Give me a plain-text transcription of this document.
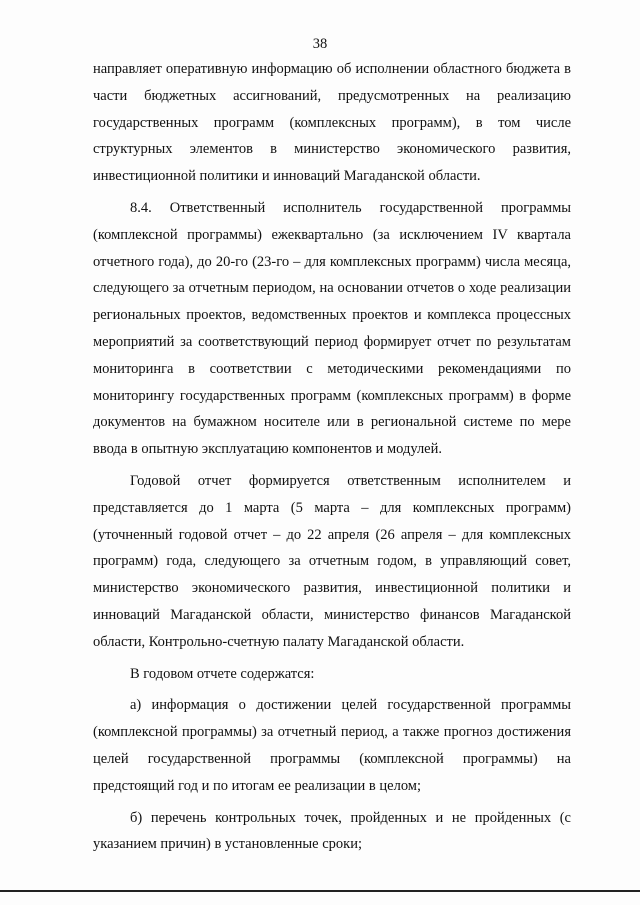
38

направляет оперативную информацию об исполнении областного бюджета в части бюджетных ассигнований, предусмотренных на реализацию государственных программ (комплексных программ), в том числе структурных элементов в министерство экономического развития, инвестиционной политики и инноваций Магаданской области.

8.4. Ответственный исполнитель государственной программы (комплексной программы) ежеквартально (за исключением IV квартала отчетного года), до 20-го (23-го – для комплексных программ) числа месяца, следующего за отчетным периодом, на основании отчетов о ходе реализации региональных проектов, ведомственных проектов и комплекса процессных мероприятий за соответствующий период формирует отчет по результатам мониторинга в соответствии с методическими рекомендациями по мониторингу государственных программ (комплексных программ) в форме документов на бумажном носителе или в региональной системе по мере ввода в опытную эксплуатацию компонентов и модулей.

Годовой отчет формируется ответственным исполнителем и представляется до 1 марта (5 марта – для комплексных программ) (уточненный годовой отчет – до 22 апреля (26 апреля – для комплексных программ) года, следующего за отчетным годом, в управляющий совет, министерство экономического развития, инвестиционной политики и инноваций Магаданской области, министерство финансов Магаданской области, Контрольно-счетную палату Магаданской области.

В годовом отчете содержатся:

а) информация о достижении целей государственной программы (комплексной программы) за отчетный период, а также прогноз достижения целей государственной программы (комплексной программы) на предстоящий год и по итогам ее реализации в целом;

б) перечень контрольных точек, пройденных и не пройденных (с указанием причин) в установленные сроки;
